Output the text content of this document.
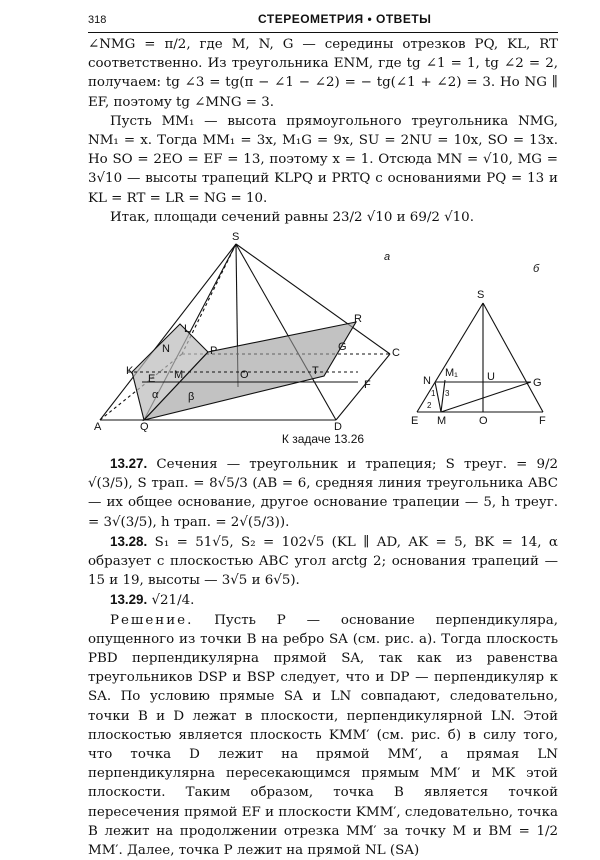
318	СТЕРЕОМЕТРИЯ • ОТВЕТЫ

∠NMG = π/2, где M, N, G — середины отрезков PQ, KL, RT соответственно. Из треугольника ENM, где tg ∠1 = 1, tg ∠2 = 2, получаем: tg ∠3 = tg(π − ∠1 − ∠2) = − tg(∠1 + ∠2) = 3. Но NG ∥ EF, поэтому tg ∠MNG = 3.

Пусть MM₁ — высота прямоугольного треугольника NMG, NM₁ = x. Тогда MM₁ = 3x, M₁G = 9x, SU = 2NU = 10x, SO = 13x. Но SO = 2EO = EF = 13, поэтому x = 1. Отсюда MN = √10, MG = 3√10 — высоты трапеций KLPQ и PRTQ с основаниями PQ = 13 и KL = RT = LR = NG = 10.

Итак, площади сечений равны 23/2 √10 и 69/2 √10.

S
L
N	P
R
G	C
K
E M	O	T
F
α	β
A	Q	D
а
S
N
M₁	U	G
1
2
3
E M	O	F
б
К задаче 13.26

13.27. Сечения — треугольник и трапеция; S треуг. = 9/2 √(3/5), S трап. = 8√5/3 (AB = 6, средняя линия треугольника ABC — их общее основание, другое основание трапеции — 5, h треуг. = 3√(3/5), h трап. = 2√(5/3)).

13.28. S₁ = 51√5, S₂ = 102√5 (KL ∥ AD, AK = 5, BK = 14, α образует с плоскостью ABC угол arctg 2; основания трапеций — 15 и 19, высоты — 3√5 и 6√5).

13.29. √21/4.

Решение. Пусть P — основание перпендикуляра, опущенного из точки B на ребро SA (см. рис. а). Тогда плоскость PBD перпендикулярна прямой SA, так как из равенства треугольников DSP и BSP следует, что и DP — перпендикуляр к SA. По условию прямые SA и LN совпадают, следовательно, точки B и D лежат в плоскости, перпендикулярной LN. Этой плоскостью является плоскость KMM′ (см. рис. б) в силу того, что точка D лежит на прямой MM′, а прямая LN перпендикулярна пересекающимся прямым MM′ и MK этой плоскости. Таким образом, точка B является точкой пересечения прямой EF и плоскости KMM′, следовательно, точка B лежит на продолжении отрезка MM′ за точку M и BM = 1/2 MM′. Далее, точка P лежит на прямой NL (SA)
